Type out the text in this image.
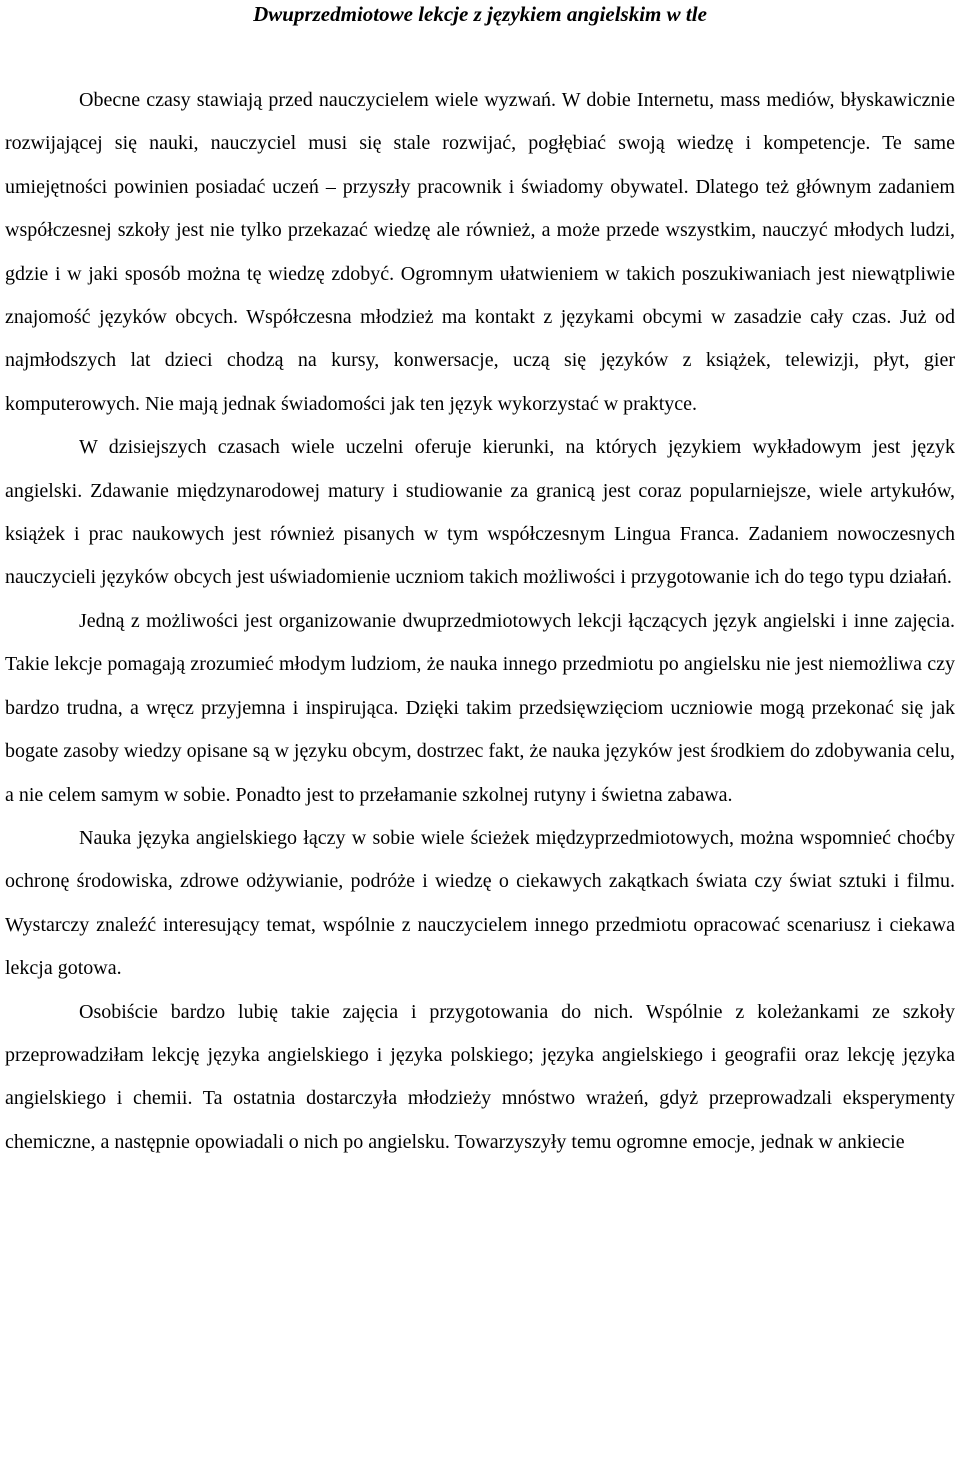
Dwuprzedmiotowe lekcje z językiem angielskim w tle

Obecne czasy stawiają przed nauczycielem wiele wyzwań. W dobie Internetu, mass mediów, błyskawicznie rozwijającej się nauki, nauczyciel musi się stale rozwijać, pogłębiać swoją wiedzę i kompetencje. Te same umiejętności powinien posiadać uczeń – przyszły pracownik i świadomy obywatel. Dlatego też głównym zadaniem współczesnej szkoły jest nie tylko przekazać wiedzę ale również, a może przede wszystkim, nauczyć młodych ludzi, gdzie i w jaki sposób można tę wiedzę zdobyć. Ogromnym ułatwieniem w takich poszukiwaniach jest niewątpliwie znajomość języków obcych. Współczesna młodzież ma kontakt z językami obcymi w zasadzie cały czas. Już od najmłodszych lat dzieci chodzą na kursy, konwersacje, uczą się języków z książek, telewizji, płyt, gier komputerowych. Nie mają jednak świadomości jak ten język wykorzystać w praktyce.

W dzisiejszych czasach wiele uczelni oferuje kierunki, na których językiem wykładowym jest język angielski. Zdawanie międzynarodowej matury i studiowanie za granicą jest coraz popularniejsze, wiele artykułów, książek i prac naukowych jest również pisanych w tym współczesnym Lingua Franca. Zadaniem nowoczesnych nauczycieli języków obcych jest uświadomienie uczniom takich możliwości i przygotowanie ich do tego typu działań.

Jedną z możliwości jest organizowanie dwuprzedmiotowych lekcji łączących język angielski i inne zajęcia. Takie lekcje pomagają zrozumieć młodym ludziom, że nauka innego przedmiotu po angielsku nie jest niemożliwa czy bardzo trudna, a wręcz przyjemna i inspirująca. Dzięki takim przedsięwzięciom uczniowie mogą przekonać się jak bogate zasoby wiedzy opisane są w języku obcym, dostrzec fakt, że nauka języków jest środkiem do zdobywania celu, a nie celem samym w sobie. Ponadto jest to przełamanie szkolnej rutyny i świetna zabawa.

Nauka języka angielskiego łączy w sobie wiele ścieżek międzyprzedmiotowych, można wspomnieć choćby ochronę środowiska, zdrowe odżywianie, podróże i wiedzę o ciekawych zakątkach świata czy świat sztuki i filmu. Wystarczy znaleźć interesujący temat, wspólnie z nauczycielem innego przedmiotu opracować scenariusz i ciekawa lekcja gotowa.

Osobiście bardzo lubię takie zajęcia i przygotowania do nich. Wspólnie z koleżankami ze szkoły przeprowadziłam lekcję języka angielskiego i języka polskiego; języka angielskiego i geografii oraz lekcję języka angielskiego i chemii. Ta ostatnia dostarczyła młodzieży mnóstwo wrażeń, gdyż przeprowadzali eksperymenty chemiczne, a następnie opowiadali o nich po angielsku. Towarzyszyły temu ogromne emocje, jednak w ankiecie
